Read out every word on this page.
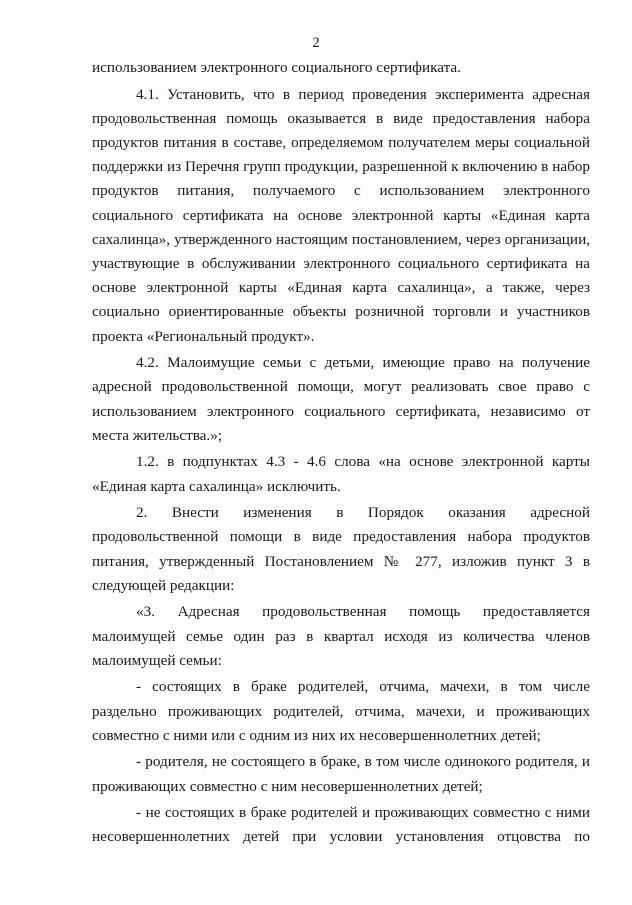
2

использованием электронного социального сертификата.

4.1. Установить, что в период проведения эксперимента адресная продовольственная помощь оказывается в виде предоставления набора продуктов питания в составе, определяемом получателем меры социальной поддержки из Перечня групп продукции, разрешенной к включению в набор продуктов питания, получаемого с использованием электронного социального сертификата на основе электронной карты «Единая карта сахалинца», утвержденного настоящим постановлением, через организации, участвующие в обслуживании электронного социального сертификата на основе электронной карты «Единая карта сахалинца», а также, через социально ориентированные объекты розничной торговли и участников проекта «Региональный продукт».

4.2. Малоимущие семьи с детьми, имеющие право на получение адресной продовольственной помощи, могут реализовать свое право с использованием электронного социального сертификата, независимо от места жительства.»;

1.2. в подпунктах 4.3 - 4.6 слова «на основе электронной карты «Единая карта сахалинца» исключить.

2. Внести изменения в Порядок оказания адресной продовольственной помощи в виде предоставления набора продуктов питания, утвержденный Постановлением № 277, изложив пункт 3 в следующей редакции:

«3. Адресная продовольственная помощь предоставляется малоимущей семье один раз в квартал исходя из количества членов малоимущей семьи:

- состоящих в браке родителей, отчима, мачехи, в том числе раздельно проживающих родителей, отчима, мачехи, и проживающих совместно с ними или с одним из них их несовершеннолетних детей;

- родителя, не состоящего в браке, в том числе одинокого родителя, и проживающих совместно с ним несовершеннолетних детей;

- не состоящих в браке родителей и проживающих совместно с ними несовершеннолетних детей при условии установления отцовства по
